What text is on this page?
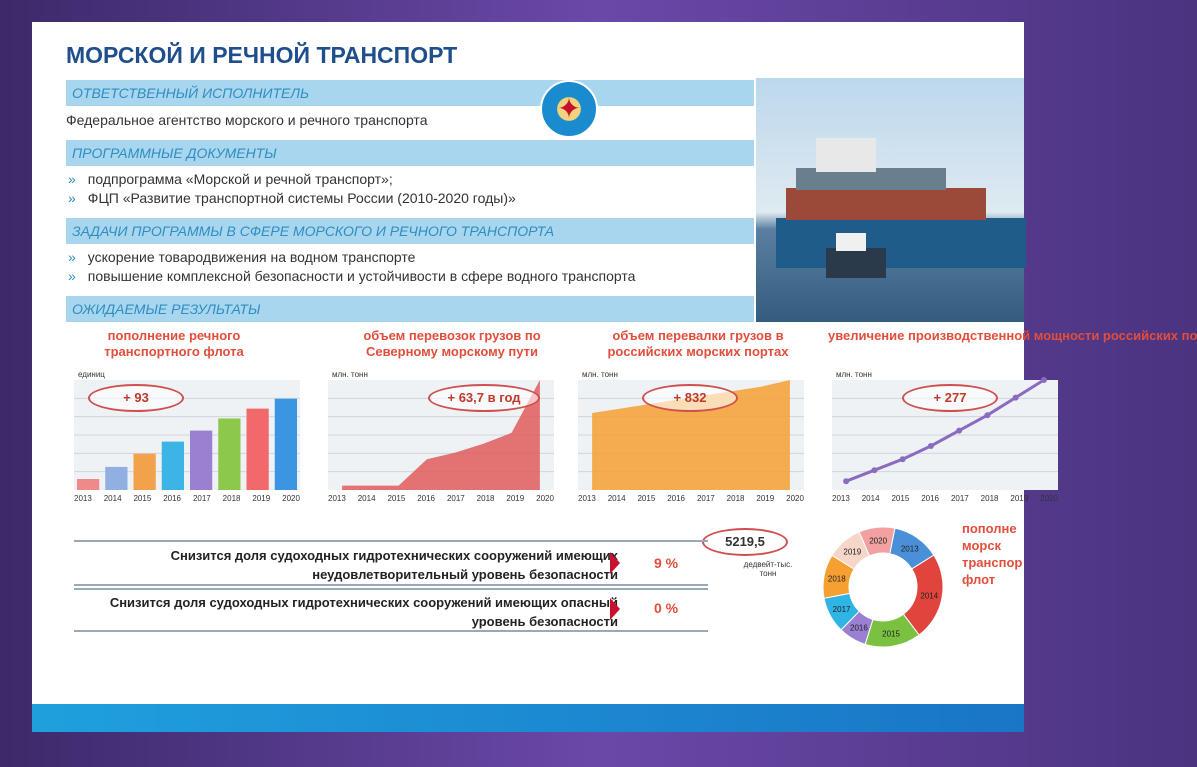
МОРСКОЙ И РЕЧНОЙ ТРАНСПОРТ
ОТВЕТСТВЕННЫЙ ИСПОЛНИТЕЛЬ
Федеральное агентство морского и речного транспорта	✦
ПРОГРАММНЫЕ ДОКУМЕНТЫ
» подпрограмма «Морской и речной транспорт»;
» ФЦП «Развитие транспортной системы России (2010-2020 годы)»
ЗАДАЧИ ПРОГРАММЫ В СФЕРЕ МОРСКОГО И РЕЧНОГО ТРАНСПОРТА
» ускорение товародвижения на водном транспорте
» повышение комплексной безопасности и устойчивости в сфере водного транспорта
ОЖИДАЕМЫЕ РЕЗУЛЬТАТЫ
пополнение речного транспортного флота
единиц
2013 2014 2015 2016 2017 2018 2019 2020
+ 93
объем перевозок грузов по Северному морскому пути
млн. тонн
2013 2014 2015 2016 2017 2018 2019 2020
+ 63,7 в год
объем перевалки грузов в российских морских портах
млн. тонн
2013 2014 2015 2016 2017 2018 2019 2020
+ 832
увеличение производственной мощности российских по
млн. тонн
2013 2014 2015 2016 2017 2018 2019 2020
+ 277
5219,5
дедвейт-тыс. тонн
2013
2014
2015
2016
2017
2018
2019
2020
пополне морск транспор флот
Снизится доля судоходных гидротехнических сооружений имеющих неудовлетворительный уровень безопасности
9 %
Снизится доля судоходных гидротехнических сооружений имеющих опасный уровень безопасности
0 %
